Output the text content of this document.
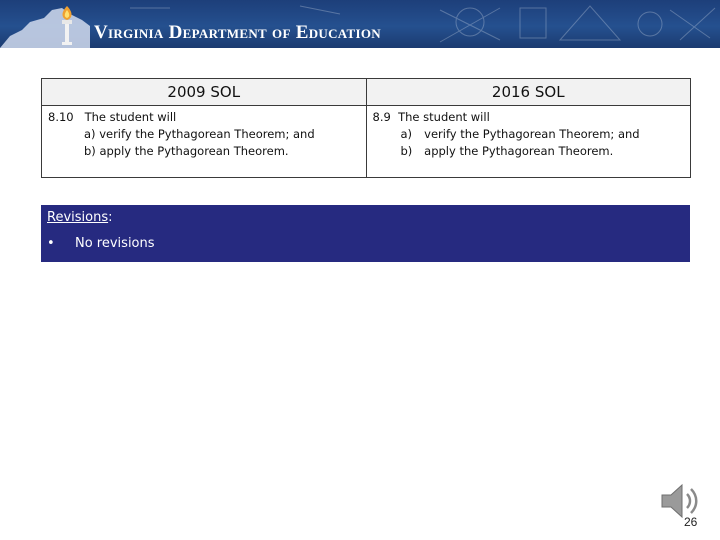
Virginia Department of Education
2009 SOL
8.10 The student will
a) verify the Pythagorean Theorem; and
b) apply the Pythagorean Theorem.
2016 SOL
8.9 The student will
a) verify the Pythagorean Theorem; and
b) apply the Pythagorean Theorem.
Revisions:
•	No revisions
26
